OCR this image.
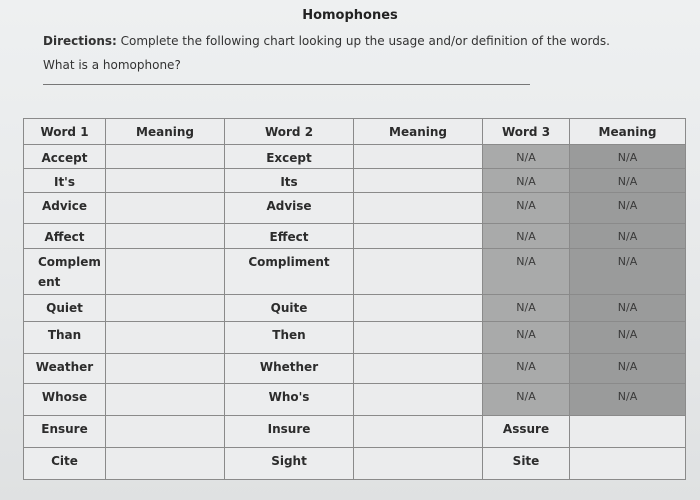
Homophones
Directions: Complete the following chart looking up the usage and/or definition of the words.
What is a homophone?
Word 1	Meaning	Word 2	Meaning	Word 3	Meaning
Accept		Except		N/A	N/A
It's		Its		N/A	N/A
Advice		Advise		N/A	N/A
Affect		Effect		N/A	N/A
Complement		Compliment		N/A	N/A
Quiet		Quite		N/A	N/A
Than		Then		N/A	N/A
Weather		Whether		N/A	N/A
Whose		Who's		N/A	N/A
Ensure		Insure		Assure	
Cite		Sight		Site	
